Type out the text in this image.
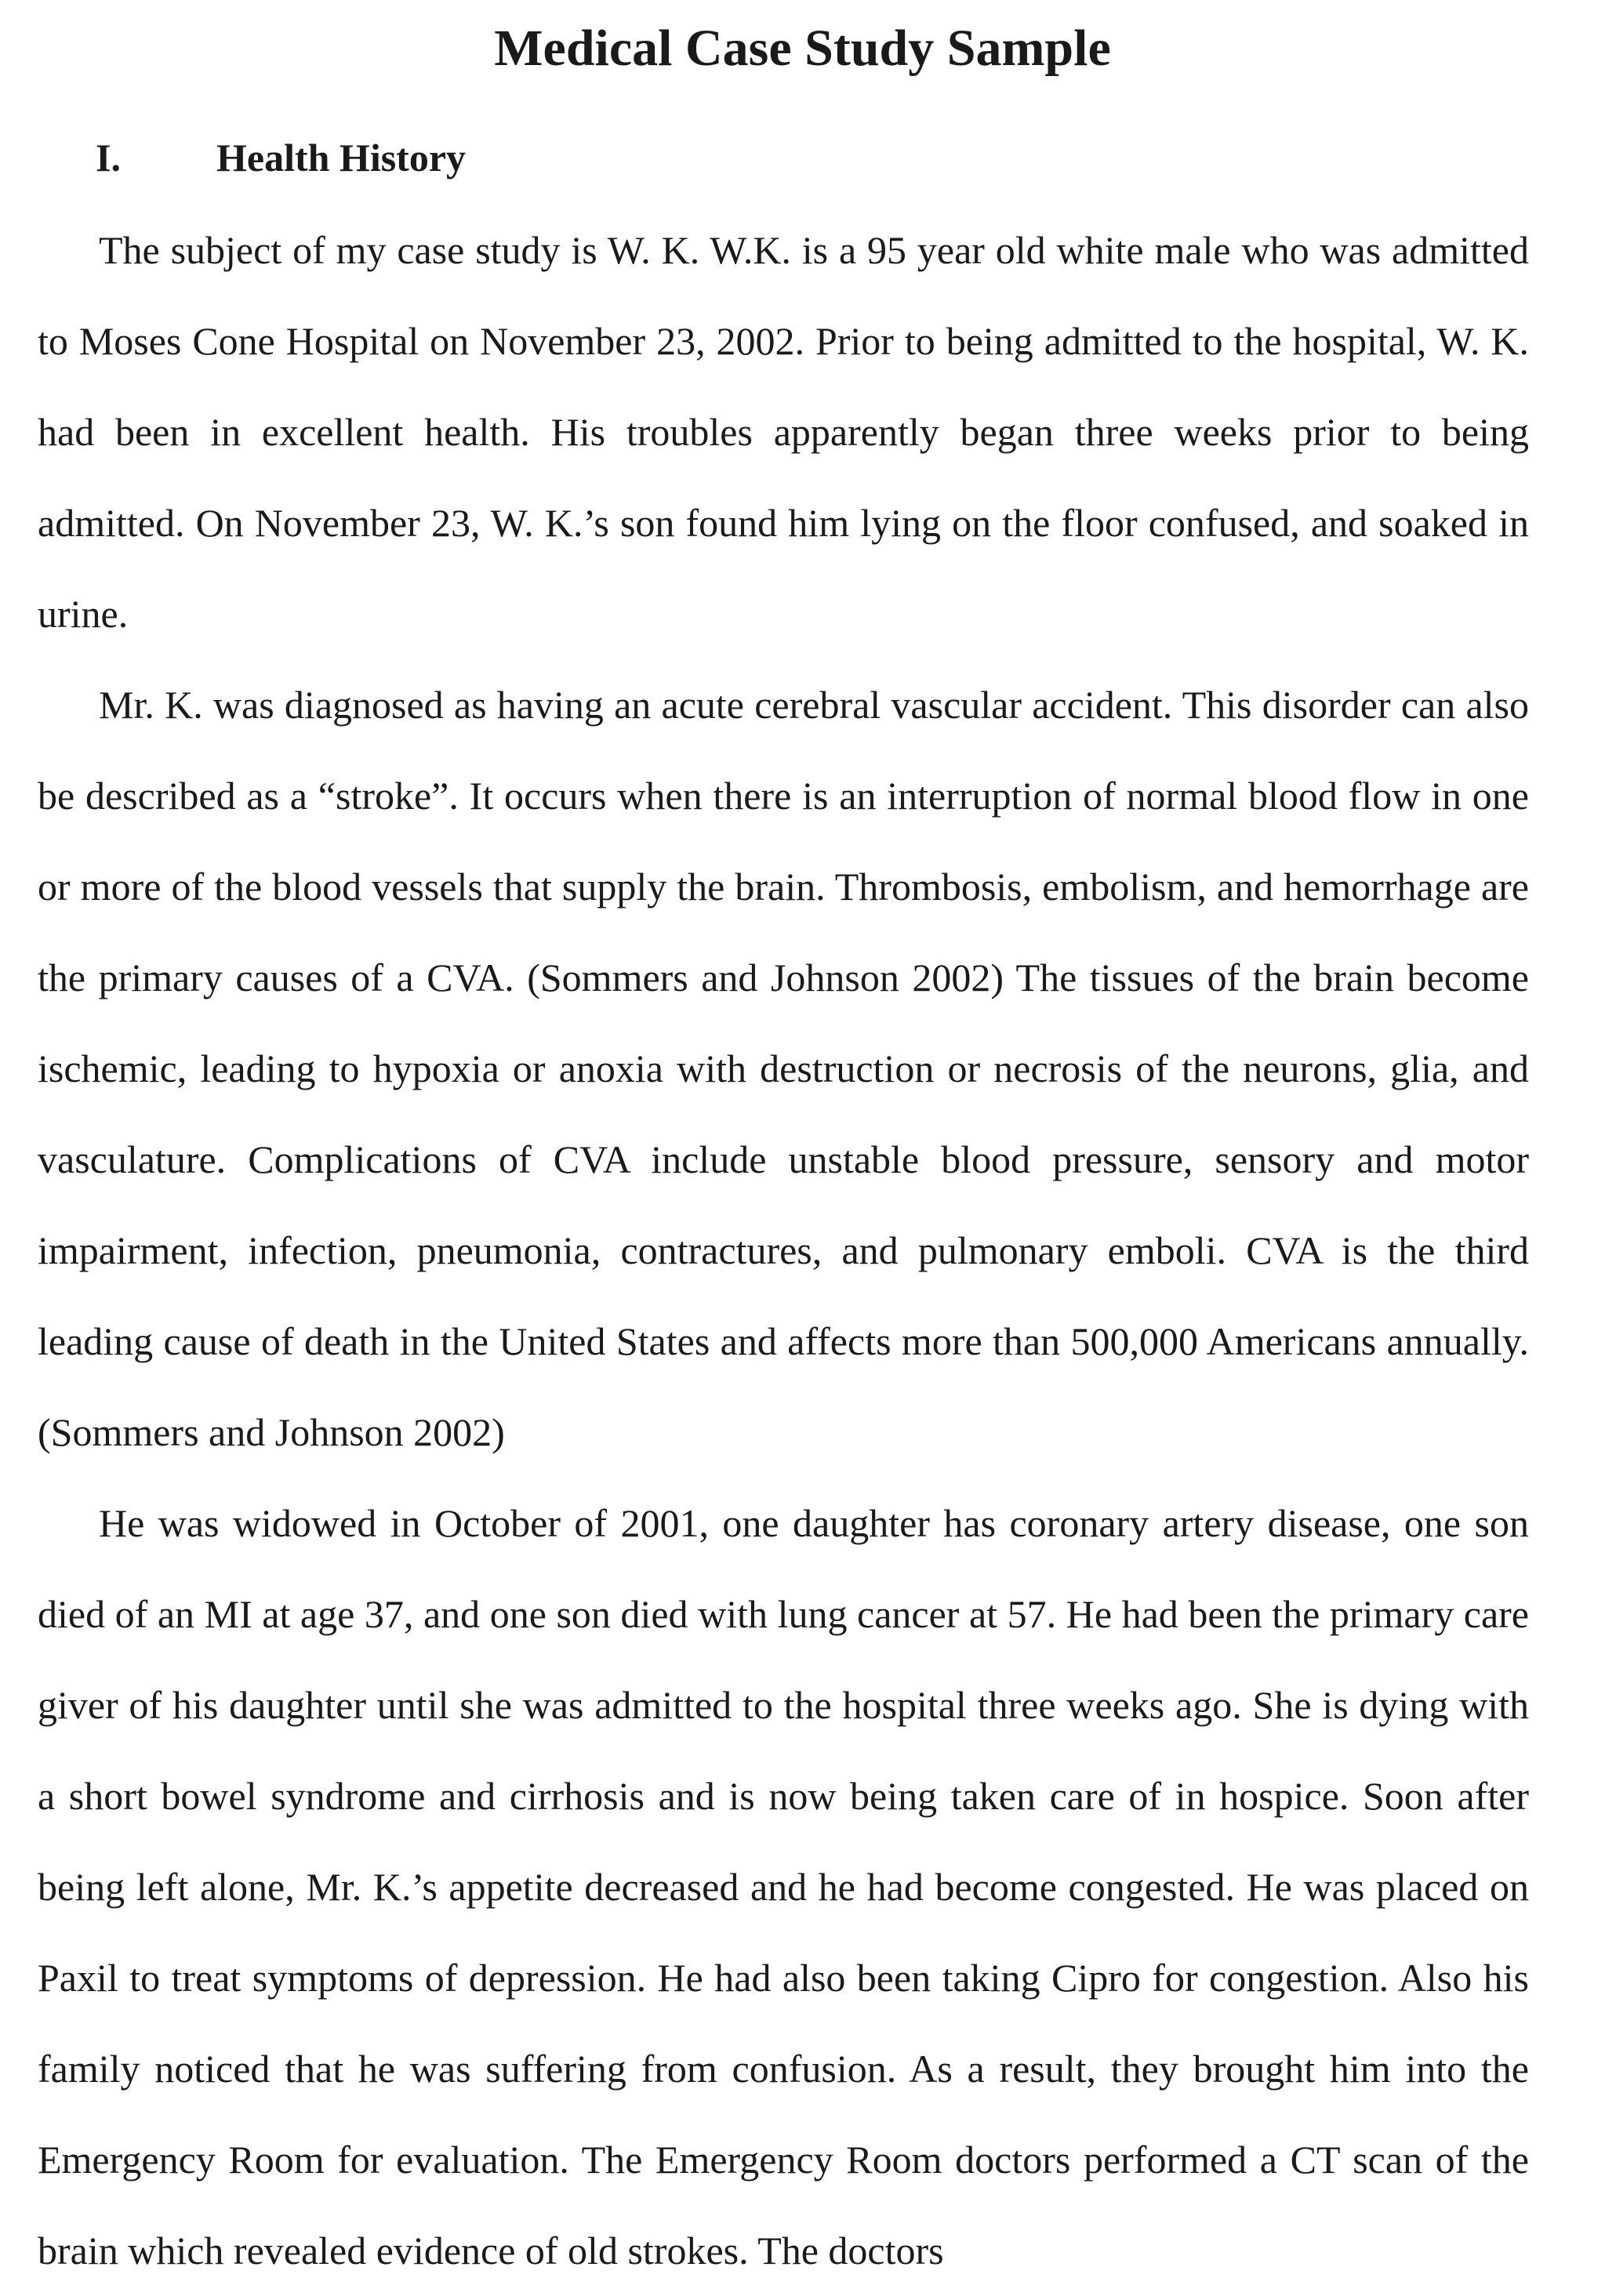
Medical Case Study Sample
I. Health History

The subject of my case study is W. K. W.K. is a 95 year old white male who was admitted to Moses Cone Hospital on November 23, 2002. Prior to being admitted to the hospital, W. K. had been in excellent health. His troubles apparently began three weeks prior to being admitted. On November 23, W. K.’s son found him lying on the floor confused, and soaked in urine.

Mr. K. was diagnosed as having an acute cerebral vascular accident. This disorder can also be described as a “stroke”. It occurs when there is an interruption of normal blood flow in one or more of the blood vessels that supply the brain. Thrombosis, embolism, and hemorrhage are the primary causes of a CVA. (Sommers and Johnson 2002) The tissues of the brain become ischemic, leading to hypoxia or anoxia with destruction or necrosis of the neurons, glia, and vasculature. Complications of CVA include unstable blood pressure, sensory and motor impairment, infection, pneumonia, contractures, and pulmonary emboli. CVA is the third leading cause of death in the United States and affects more than 500,000 Americans annually. (Sommers and Johnson 2002)

He was widowed in October of 2001, one daughter has coronary artery disease, one son died of an MI at age 37, and one son died with lung cancer at 57. He had been the primary care giver of his daughter until she was admitted to the hospital three weeks ago. She is dying with a short bowel syndrome and cirrhosis and is now being taken care of in hospice. Soon after being left alone, Mr. K.’s appetite decreased and he had become congested. He was placed on Paxil to treat symptoms of depression. He had also been taking Cipro for congestion. Also his family noticed that he was suffering from confusion. As a result, they brought him into the Emergency Room for evaluation. The Emergency Room doctors performed a CT scan of the brain which revealed evidence of old strokes. The doctors
